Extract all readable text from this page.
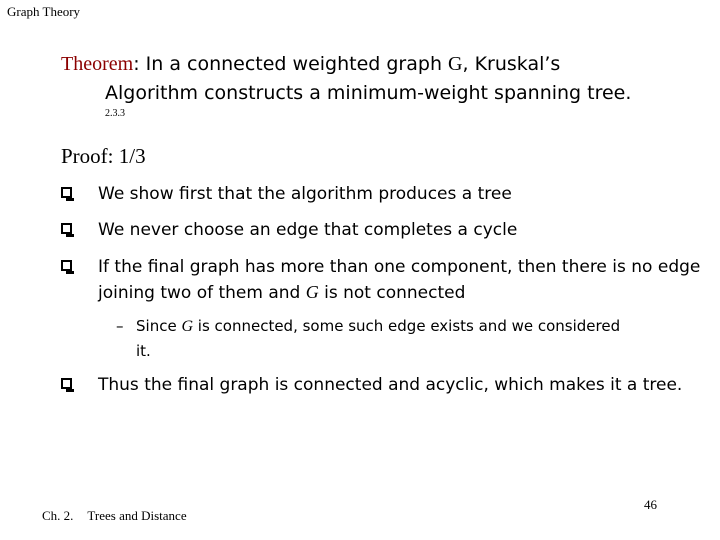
Graph Theory
Theorem: In a connected weighted graph G, Kruskal’s
Algorithm constructs a minimum-weight spanning tree.
2.3.3
Proof: 1/3
We show first that the algorithm produces a tree
We never choose an edge that completes a cycle
If the final graph has more than one component, then there is no edge joining two of them and G is not connected
– Since G is connected, some such edge exists and we considered it.
Thus the final graph is connected and acyclic, which makes it a tree.
Ch. 2. Trees and Distance
46
